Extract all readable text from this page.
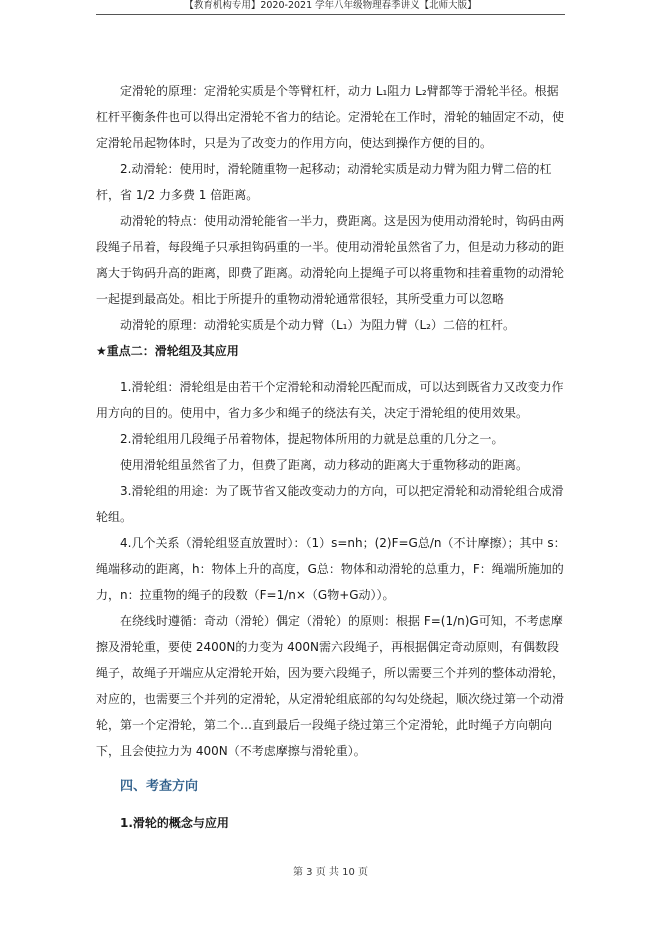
【教育机构专用】2020-2021 学年八年级物理春季讲义【北师大版】

定滑轮的原理：定滑轮实质是个等臂杠杆，动力 L₁阻力 L₂臂都等于滑轮半径。根据杠杆平衡条件也可以得出定滑轮不省力的结论。定滑轮在工作时，滑轮的轴固定不动，使定滑轮吊起物体时，只是为了改变力的作用方向，使达到操作方便的目的。

2.动滑轮：使用时，滑轮随重物一起移动；动滑轮实质是动力臂为阻力臂二倍的杠杆，省 1/2 力多费 1 倍距离。

动滑轮的特点：使用动滑轮能省一半力，费距离。这是因为使用动滑轮时，钩码由两段绳子吊着，每段绳子只承担钩码重的一半。使用动滑轮虽然省了力，但是动力移动的距离大于钩码升高的距离，即费了距离。动滑轮向上提绳子可以将重物和挂着重物的动滑轮一起提到最高处。相比于所提升的重物动滑轮通常很轻，其所受重力可以忽略

动滑轮的原理：动滑轮实质是个动力臂（L₁）为阻力臂（L₂）二倍的杠杆。

★重点二：滑轮组及其应用

1.滑轮组：滑轮组是由若干个定滑轮和动滑轮匹配而成，可以达到既省力又改变力作用方向的目的。使用中，省力多少和绳子的绕法有关，决定于滑轮组的使用效果。

2.滑轮组用几段绳子吊着物体，提起物体所用的力就是总重的几分之一。

使用滑轮组虽然省了力，但费了距离，动力移动的距离大于重物移动的距离。

3.滑轮组的用途：为了既节省又能改变动力的方向，可以把定滑轮和动滑轮组合成滑轮组。

4.几个关系（滑轮组竖直放置时）：（1）s=nh；(2)F=G总/n（不计摩擦）；其中 s：绳端移动的距离，h：物体上升的高度，G总：物体和动滑轮的总重力，F：绳端所施加的力，n：拉重物的绳子的段数（F=1/n×（G物+G动））。

在绕线时遵循：奇动（滑轮）偶定（滑轮）的原则：根据 F=(1/n)G可知，不考虑摩擦及滑轮重，要使 2400N的力变为 400N需六段绳子，再根据偶定奇动原则，有偶数段绳子，故绳子开端应从定滑轮开始，因为要六段绳子，所以需要三个并列的整体动滑轮，对应的，也需要三个并列的定滑轮，从定滑轮组底部的勾勾处绕起，顺次绕过第一个动滑轮，第一个定滑轮，第二个…直到最后一段绳子绕过第三个定滑轮，此时绳子方向朝向下，且会使拉力为 400N（不考虑摩擦与滑轮重）。

四、考查方向

1.滑轮的概念与应用

第 3 页 共 10 页
